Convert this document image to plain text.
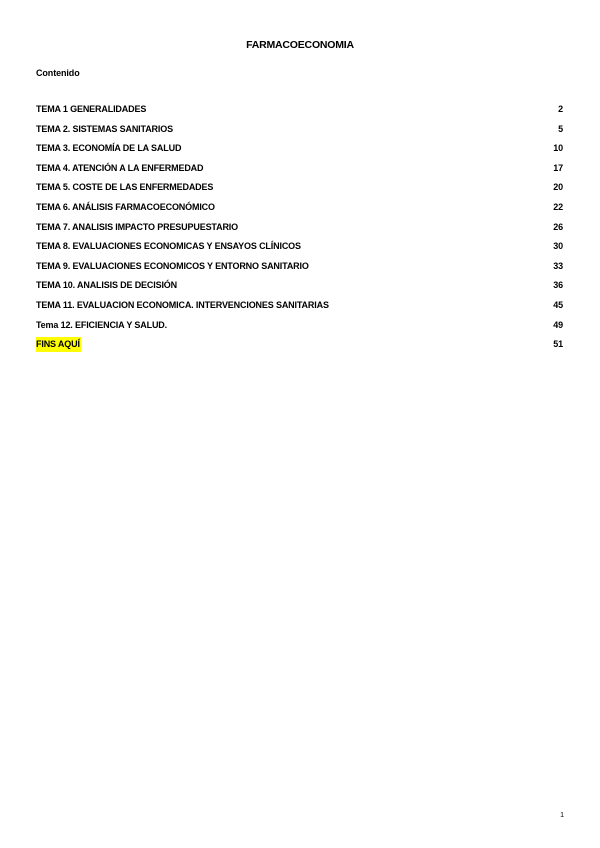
FARMACOECONOMIA
Contenido
TEMA 1 GENERALIDADES	2
TEMA 2. SISTEMAS SANITARIOS	5
TEMA 3. ECONOMÍA DE LA SALUD	10
TEMA 4. ATENCIÓN A LA ENFERMEDAD	17
TEMA 5. COSTE DE LAS ENFERMEDADES	20
TEMA 6. ANÁLISIS FARMACOECONÓMICO	22
TEMA 7. ANALISIS IMPACTO PRESUPUESTARIO	26
TEMA 8. EVALUACIONES ECONOMICAS Y ENSAYOS CLÍNICOS	30
TEMA 9. EVALUACIONES ECONOMICOS Y ENTORNO SANITARIO	33
TEMA 10. ANALISIS DE DECISIÓN	36
TEMA 11. EVALUACION ECONOMICA. INTERVENCIONES SANITARIAS	45
Tema 12. EFICIENCIA Y SALUD.	49
FINS AQUÍ	51
1
